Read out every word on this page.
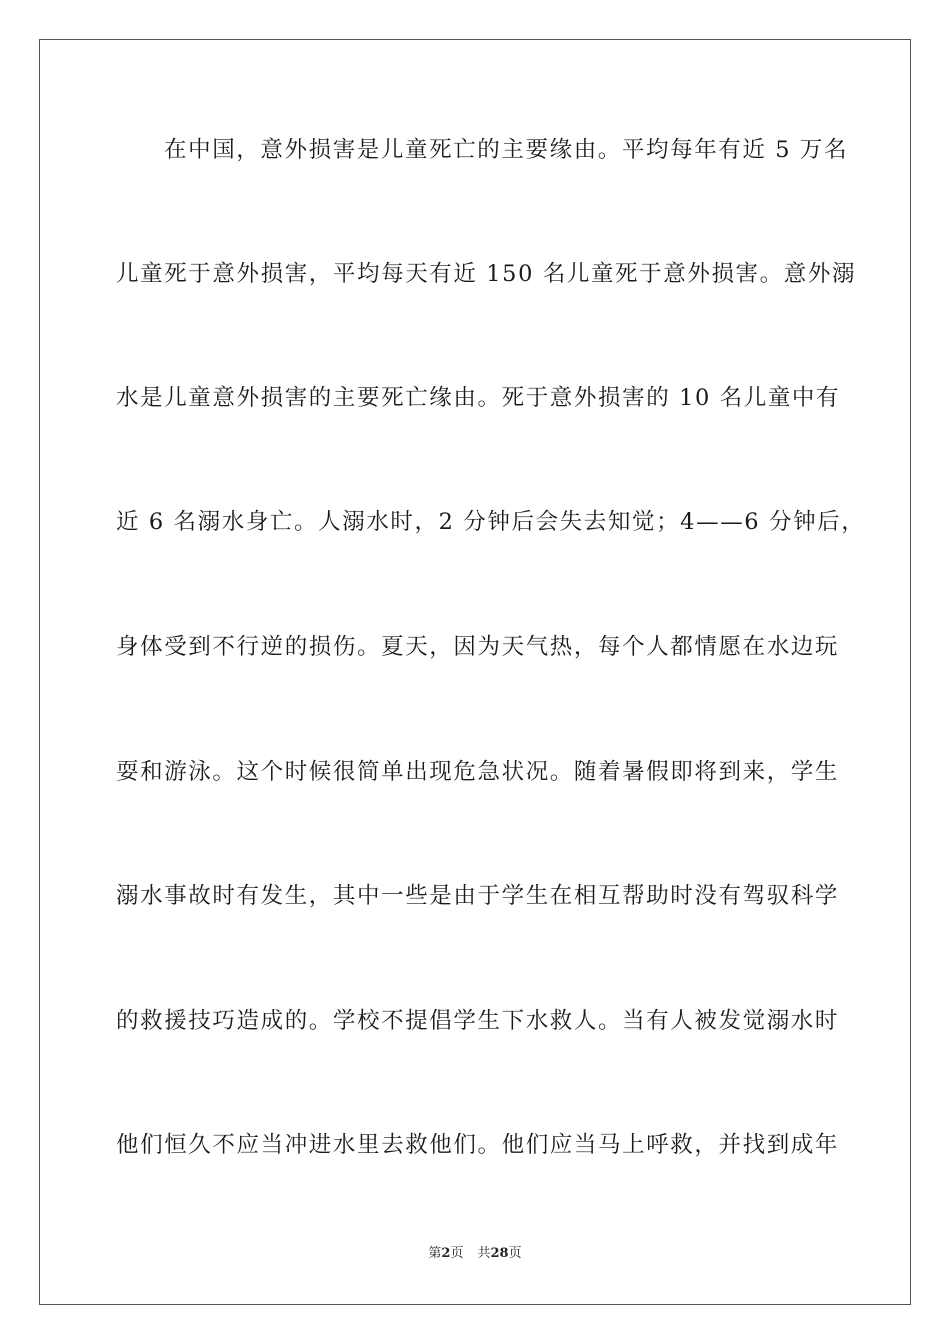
在中国，意外损害是儿童死亡的主要缘由。平均每年有近 5 万名
儿童死于意外损害，平均每天有近 150 名儿童死于意外损害。意外溺
水是儿童意外损害的主要死亡缘由。死于意外损害的 10 名儿童中有
近 6 名溺水身亡。人溺水时，2 分钟后会失去知觉；4——6 分钟后，
身体受到不行逆的损伤。夏天，因为天气热，每个人都情愿在水边玩
耍和游泳。这个时候很简单出现危急状况。随着暑假即将到来，学生
溺水事故时有发生，其中一些是由于学生在相互帮助时没有驾驭科学
的救援技巧造成的。学校不提倡学生下水救人。当有人被发觉溺水时
他们恒久不应当冲进水里去救他们。他们应当马上呼救，并找到成年
第2页 共28页
